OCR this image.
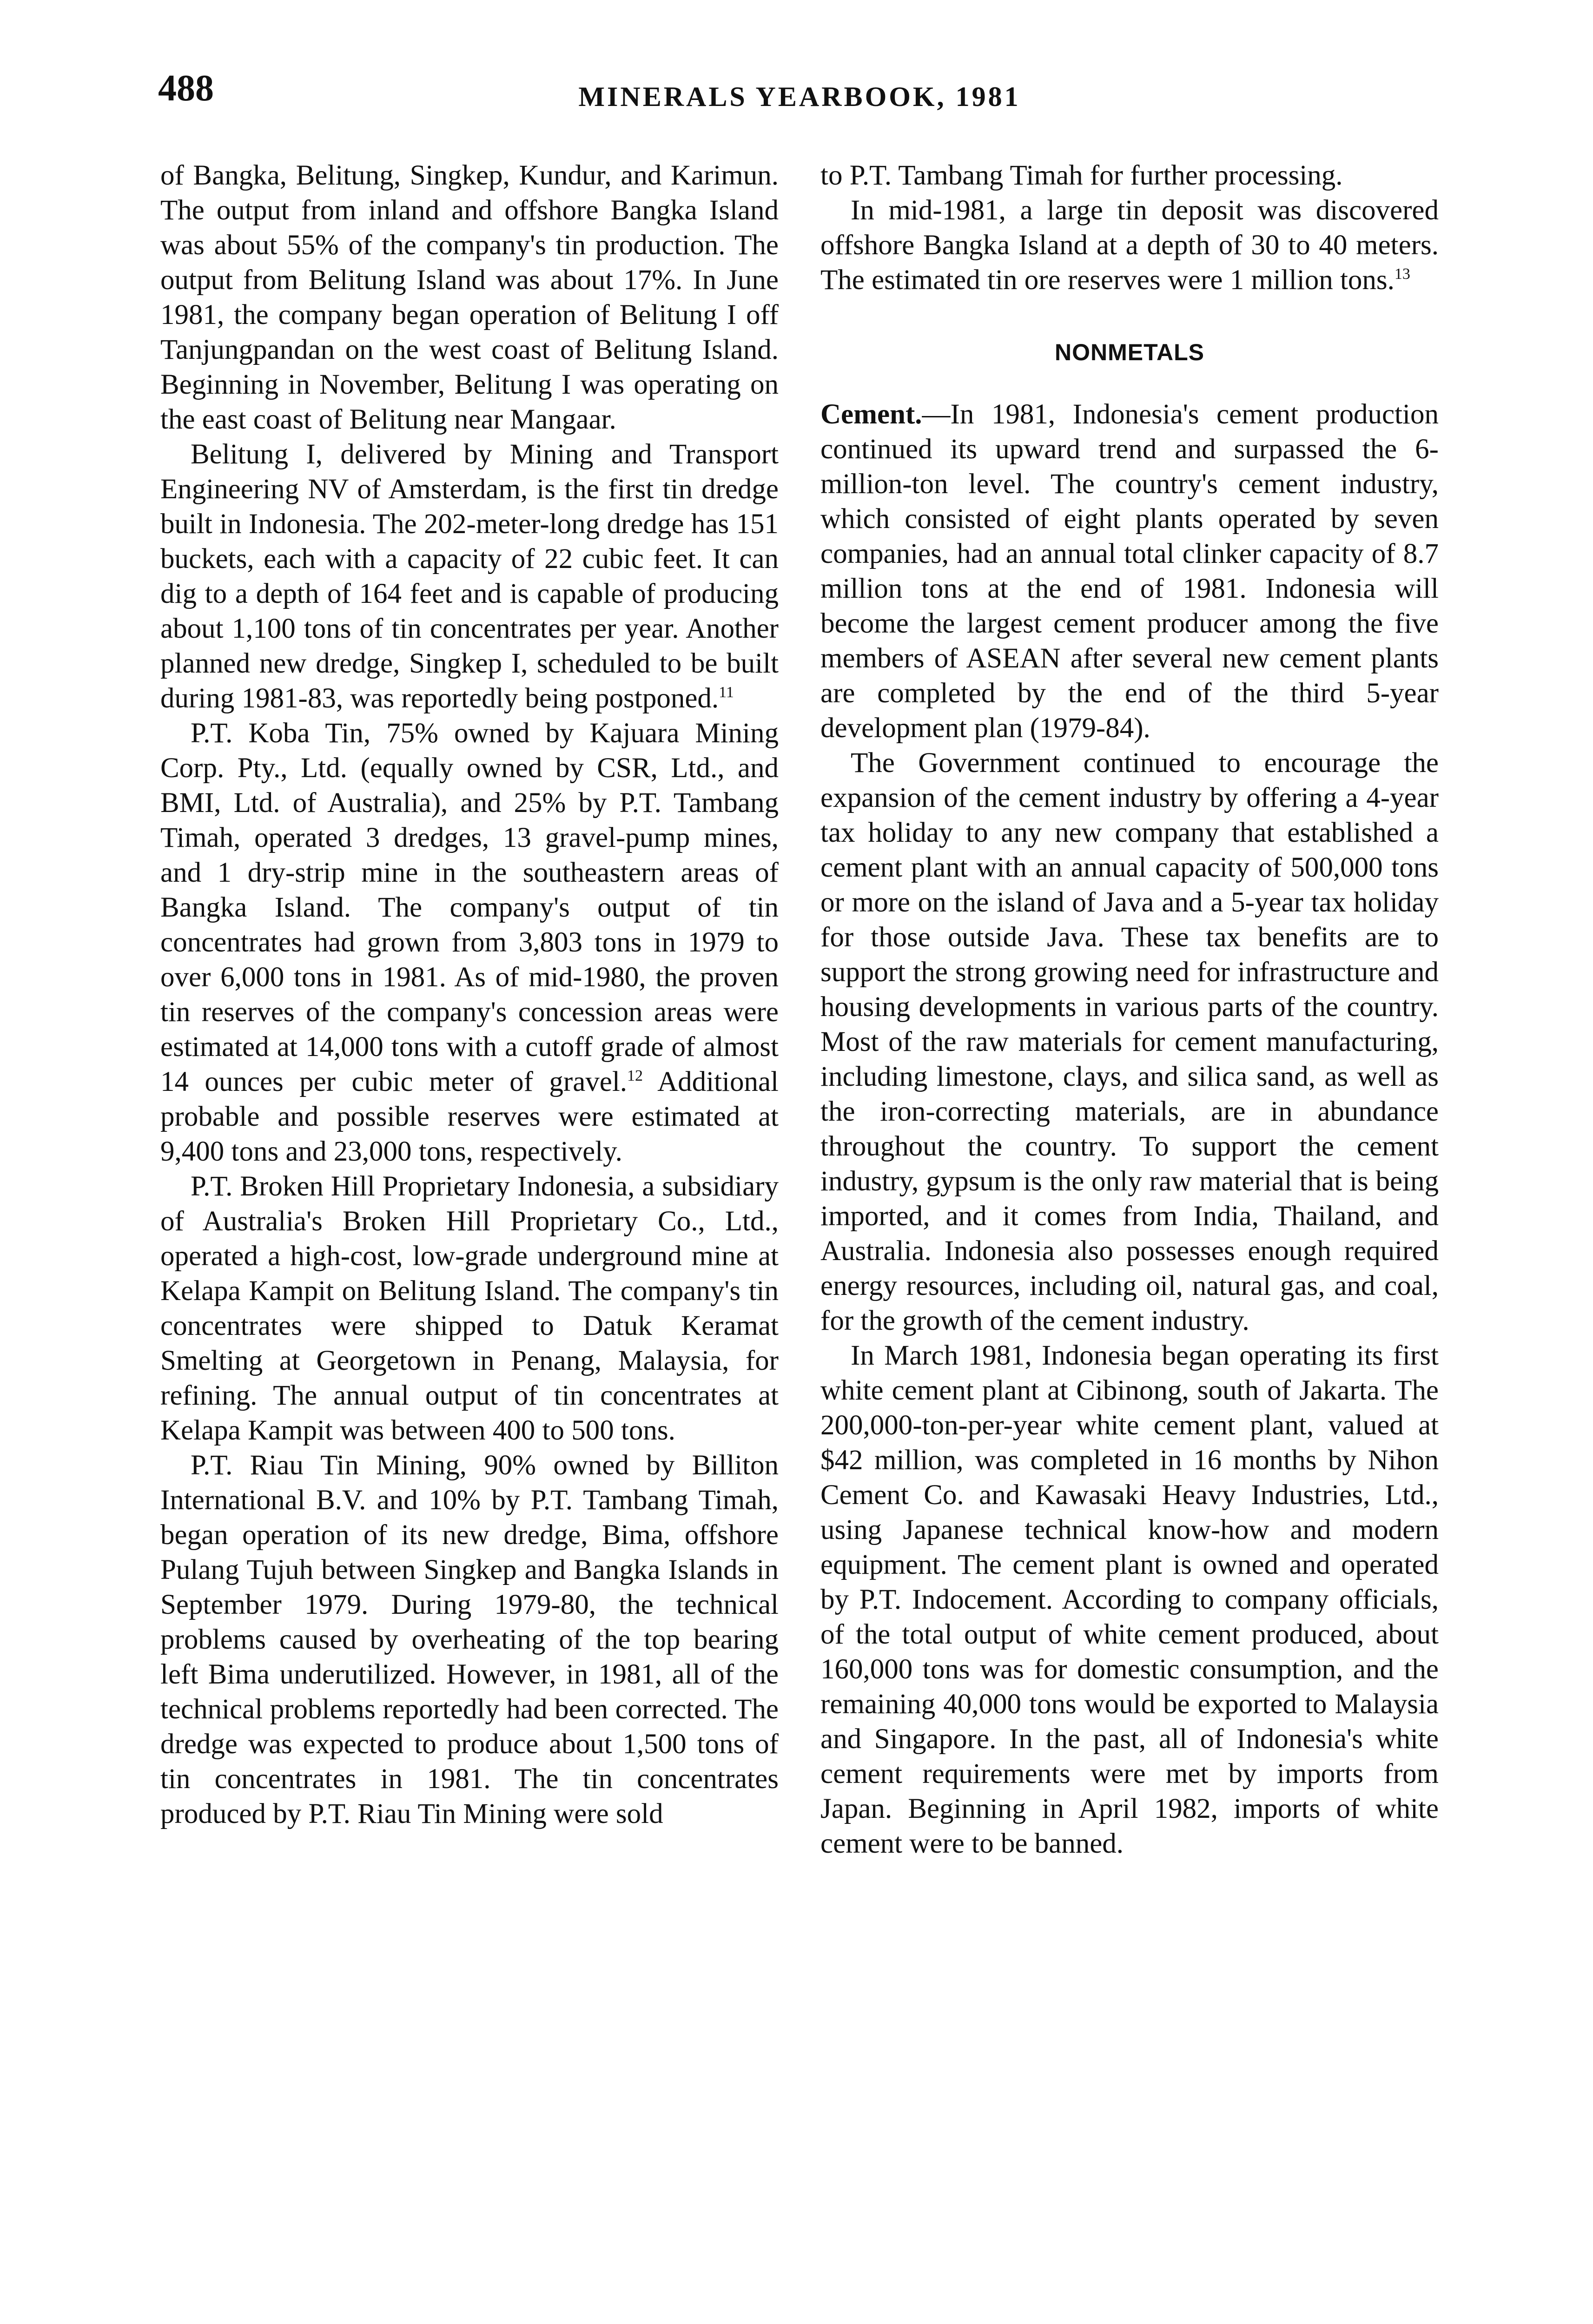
488	MINERALS YEARBOOK, 1981

of Bangka, Belitung, Singkep, Kundur, and Karimun. The output from inland and offshore Bangka Island was about 55% of the company's tin production. The output from Belitung Island was about 17%. In June 1981, the company began operation of Belitung I off Tanjungpandan on the west coast of Belitung Island. Beginning in November, Belitung I was operating on the east coast of Belitung near Mangaar.

Belitung I, delivered by Mining and Transport Engineering NV of Amsterdam, is the first tin dredge built in Indonesia. The 202-meter-long dredge has 151 buckets, each with a capacity of 22 cubic feet. It can dig to a depth of 164 feet and is capable of producing about 1,100 tons of tin concentrates per year. Another planned new dredge, Singkep I, scheduled to be built during 1981-83, was reportedly being postponed.$^{11}$

P.T. Koba Tin, 75% owned by Kajuara Mining Corp. Pty., Ltd. (equally owned by CSR, Ltd., and BMI, Ltd. of Australia), and 25% by P.T. Tambang Timah, operated 3 dredges, 13 gravel-pump mines, and 1 dry-strip mine in the southeastern areas of Bangka Island. The company's output of tin concentrates had grown from 3,803 tons in 1979 to over 6,000 tons in 1981. As of mid-1980, the proven tin reserves of the company's concession areas were estimated at 14,000 tons with a cutoff grade of almost 14 ounces per cubic meter of gravel.$^{12}$ Additional probable and possible reserves were estimated at 9,400 tons and 23,000 tons, respectively.

P.T. Broken Hill Proprietary Indonesia, a subsidiary of Australia's Broken Hill Proprietary Co., Ltd., operated a high-cost, low-grade underground mine at Kelapa Kampit on Belitung Island. The company's tin concentrates were shipped to Datuk Keramat Smelting at Georgetown in Penang, Malaysia, for refining. The annual output of tin concentrates at Kelapa Kampit was between 400 to 500 tons.

P.T. Riau Tin Mining, 90% owned by Billiton International B.V. and 10% by P.T. Tambang Timah, began operation of its new dredge, Bima, offshore Pulang Tujuh between Singkep and Bangka Islands in September 1979. During 1979-80, the technical problems caused by overheating of the top bearing left Bima underutilized. However, in 1981, all of the technical problems reportedly had been corrected. The dredge was expected to produce about 1,500 tons of tin concentrates in 1981. The tin concentrates produced by P.T. Riau Tin Mining were sold

to P.T. Tambang Timah for further processing.

In mid-1981, a large tin deposit was discovered offshore Bangka Island at a depth of 30 to 40 meters. The estimated tin ore reserves were 1 million tons.$^{13}$

NONMETALS

Cement.—In 1981, Indonesia's cement production continued its upward trend and surpassed the 6-million-ton level. The country's cement industry, which consisted of eight plants operated by seven companies, had an annual total clinker capacity of 8.7 million tons at the end of 1981. Indonesia will become the largest cement producer among the five members of ASEAN after several new cement plants are completed by the end of the third 5-year development plan (1979-84).

The Government continued to encourage the expansion of the cement industry by offering a 4-year tax holiday to any new company that established a cement plant with an annual capacity of 500,000 tons or more on the island of Java and a 5-year tax holiday for those outside Java. These tax benefits are to support the strong growing need for infrastructure and housing developments in various parts of the country. Most of the raw materials for cement manufacturing, including limestone, clays, and silica sand, as well as the iron-correcting materials, are in abundance throughout the country. To support the cement industry, gypsum is the only raw material that is being imported, and it comes from India, Thailand, and Australia. Indonesia also possesses enough required energy resources, including oil, natural gas, and coal, for the growth of the cement industry.

In March 1981, Indonesia began operating its first white cement plant at Cibinong, south of Jakarta. The 200,000-ton-per-year white cement plant, valued at $42 million, was completed in 16 months by Nihon Cement Co. and Kawasaki Heavy Industries, Ltd., using Japanese technical know-how and modern equipment. The cement plant is owned and operated by P.T. Indocement. According to company officials, of the total output of white cement produced, about 160,000 tons was for domestic consumption, and the remaining 40,000 tons would be exported to Malaysia and Singapore. In the past, all of Indonesia's white cement requirements were met by imports from Japan. Beginning in April 1982, imports of white cement were to be banned.
